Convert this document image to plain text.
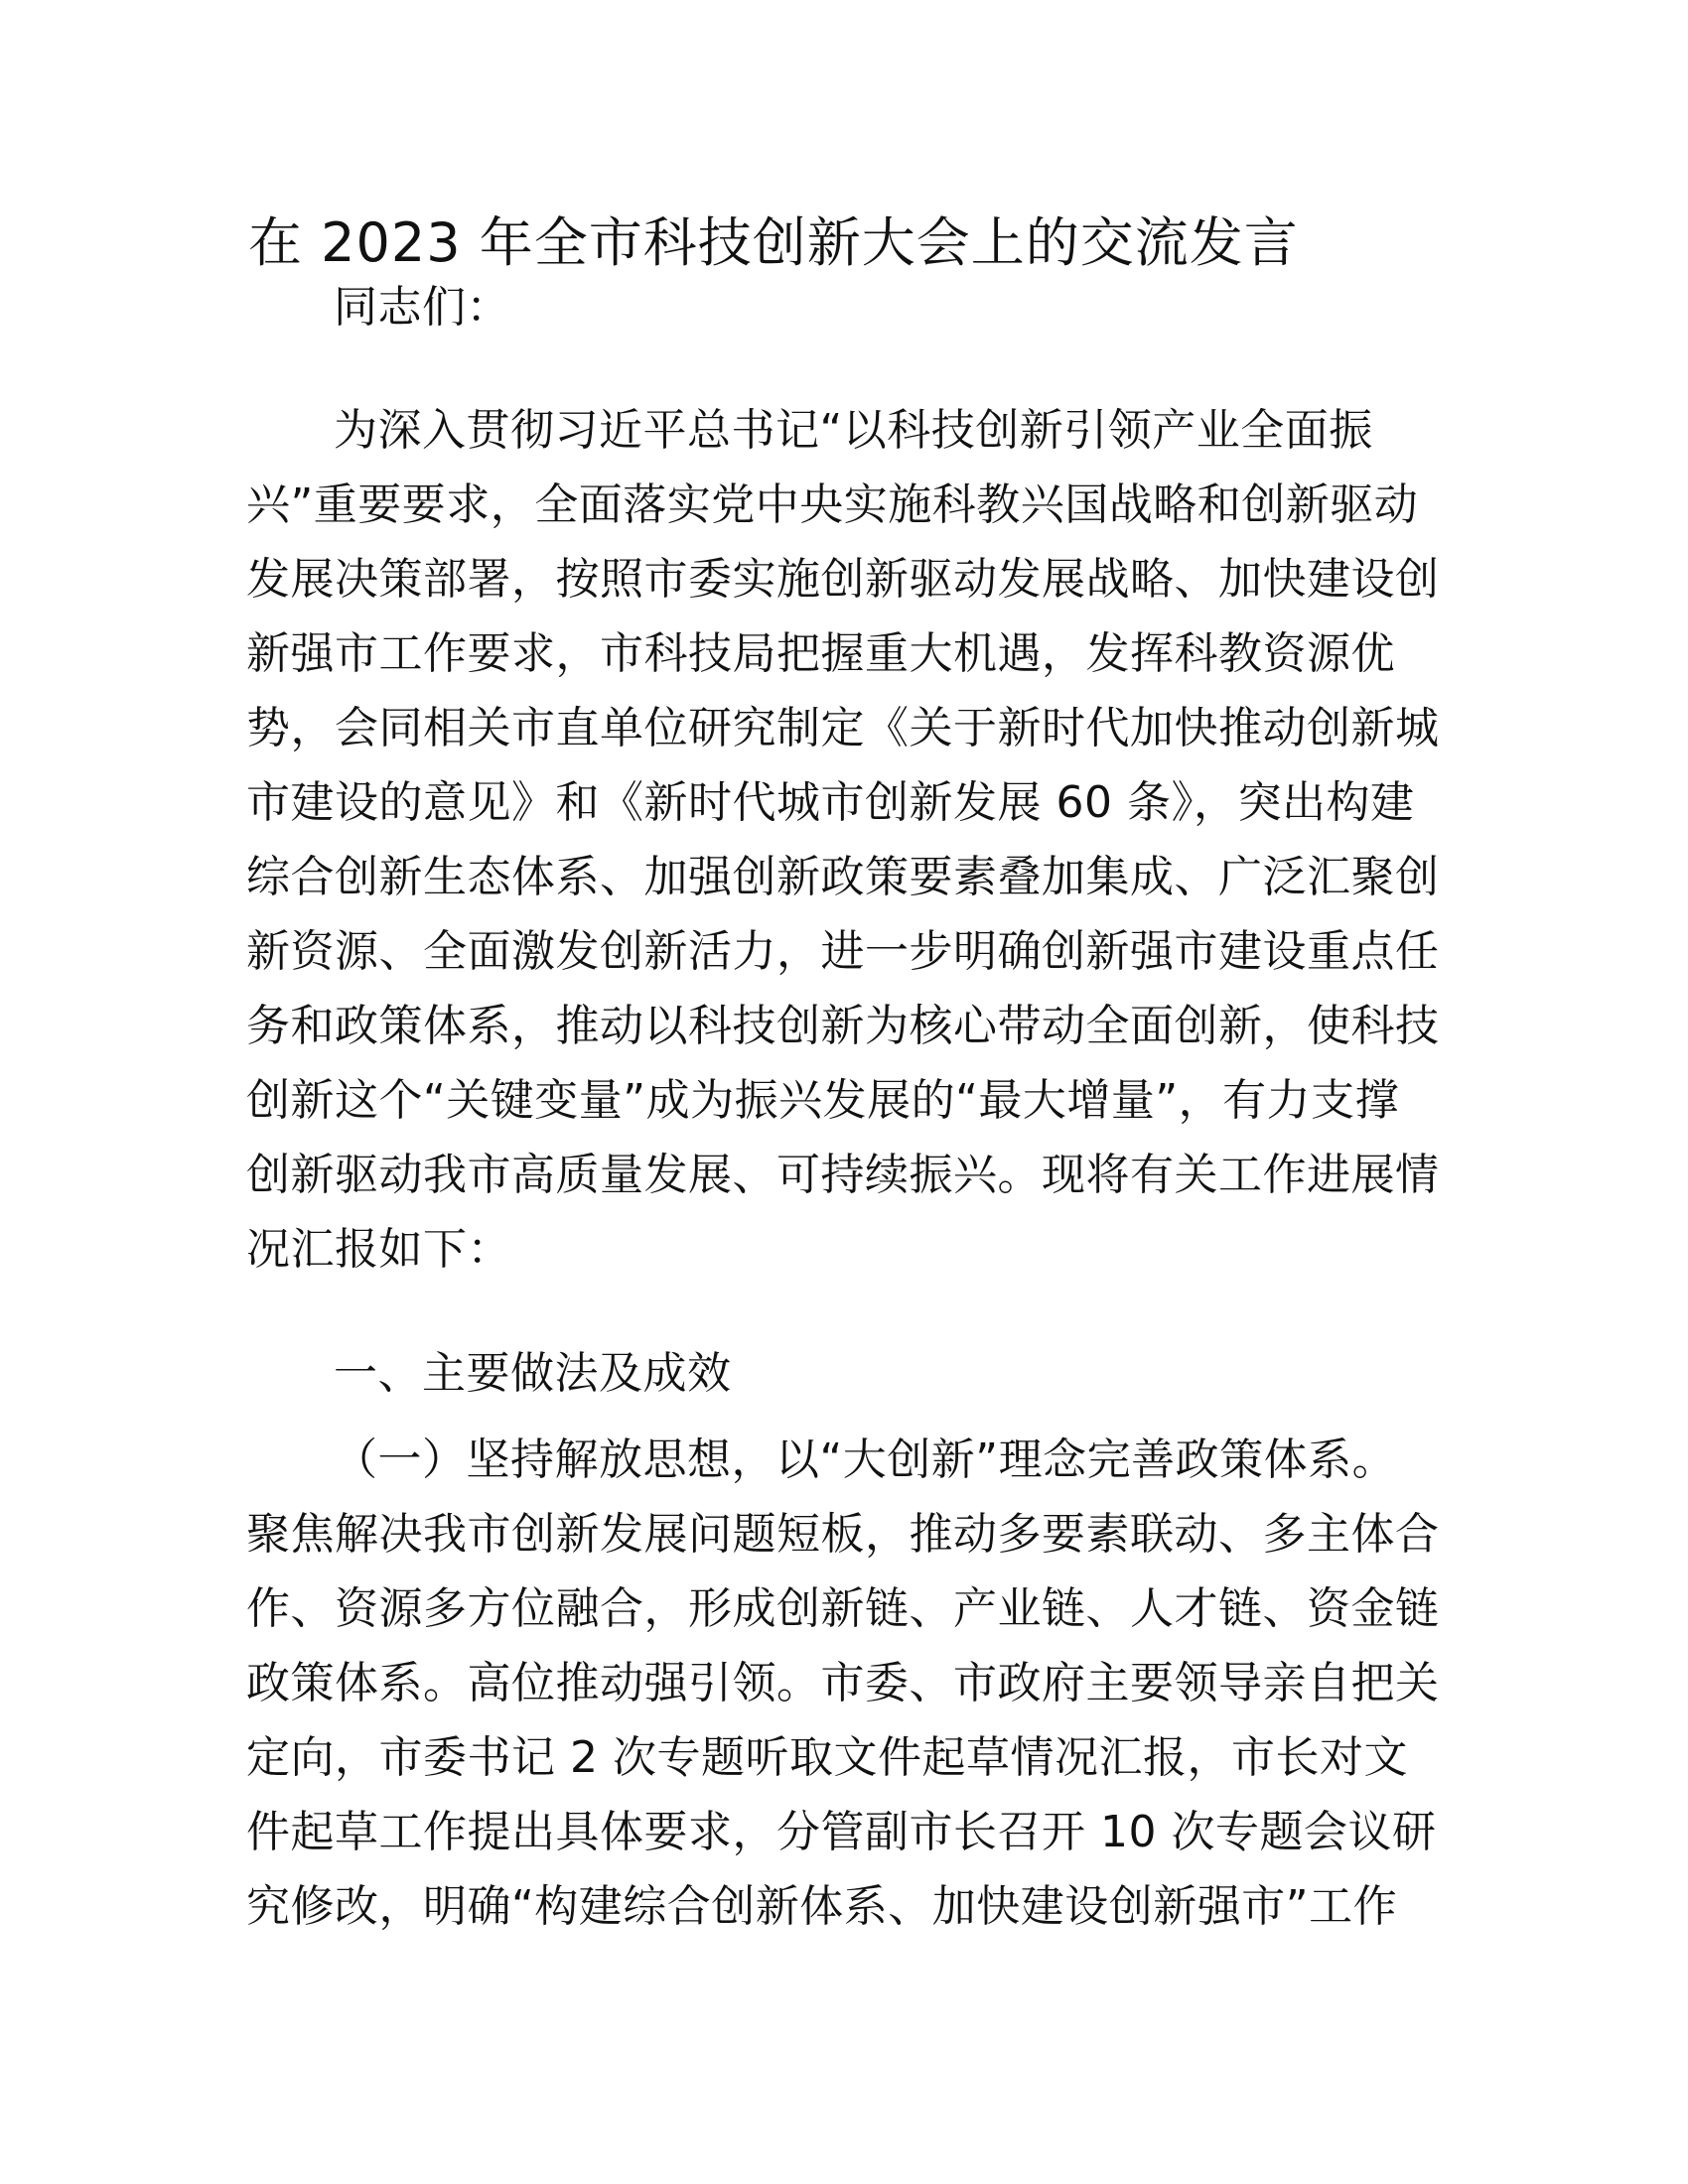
在 2023 年全市科技创新大会上的交流发言
同志们：
为深入贯彻习近平总书记“以科技创新引领产业全面振
兴”重要要求，全面落实党中央实施科教兴国战略和创新驱动
发展决策部署，按照市委实施创新驱动发展战略、加快建设创
新强市工作要求，市科技局把握重大机遇，发挥科教资源优
势，会同相关市直单位研究制定《关于新时代加快推动创新城
市建设的意见》和《新时代城市创新发展 60 条》，突出构建
综合创新生态体系、加强创新政策要素叠加集成、广泛汇聚创
新资源、全面激发创新活力，进一步明确创新强市建设重点任
务和政策体系，推动以科技创新为核心带动全面创新，使科技
创新这个“关键变量”成为振兴发展的“最大增量”，有力支撑
创新驱动我市高质量发展、可持续振兴。现将有关工作进展情
况汇报如下：
一、主要做法及成效
（一）坚持解放思想，以“大创新”理念完善政策体系。
聚焦解决我市创新发展问题短板，推动多要素联动、多主体合
作、资源多方位融合，形成创新链、产业链、人才链、资金链
政策体系。高位推动强引领。市委、市政府主要领导亲自把关
定向，市委书记 2 次专题听取文件起草情况汇报，市长对文
件起草工作提出具体要求，分管副市长召开 10 次专题会议研
究修改，明确“构建综合创新体系、加快建设创新强市”工作
